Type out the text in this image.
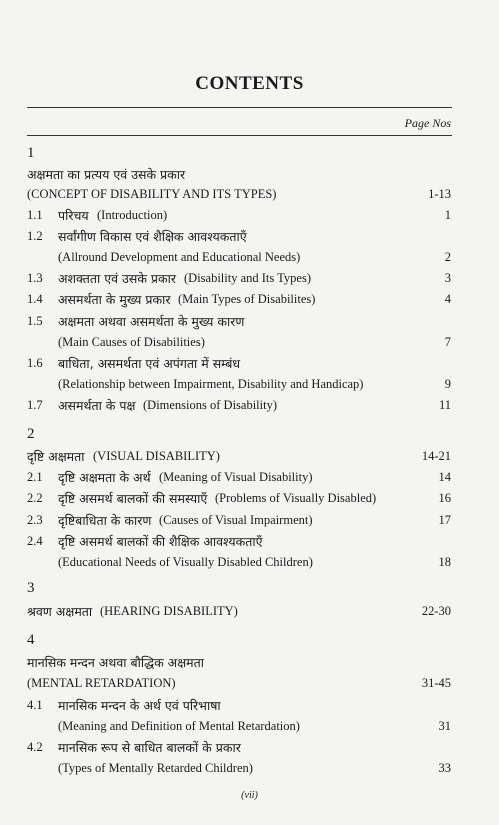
CONTENTS
Page Nos
1
अक्षमता का प्रत्यय एवं उसके प्रकार
(CONCEPT OF DISABILITY AND ITS TYPES)	1-13
1.1 परिचय (Introduction)	1
1.2 सर्वांगीण विकास एवं शैक्षिक आवश्यकताएँ
(Allround Development and Educational Needs)	2
1.3 अशक्तता एवं उसके प्रकार (Disability and Its Types)	3
1.4 असमर्थता के मुख्य प्रकार (Main Types of Disabilites)	4
1.5 अक्षमता अथवा असमर्थता के मुख्य कारण
(Main Causes of Disabilities)	7
1.6 बाधिता, असमर्थता एवं अपंगता में सम्बंध
(Relationship between Impairment, Disability and Handicap)	9
1.7 असमर्थता के पक्ष (Dimensions of Disability)	11
2
दृष्टि अक्षमता (VISUAL DISABILITY)	14-21
2.1 दृष्टि अक्षमता के अर्थ (Meaning of Visual Disability)	14
2.2 दृष्टि असमर्थ बालकों की समस्याएँ (Problems of Visually Disabled)	16
2.3 दृष्टिबाधिता के कारण (Causes of Visual Impairment)	17
2.4 दृष्टि असमर्थ बालकों की शैक्षिक आवश्यकताएँ
(Educational Needs of Visually Disabled Children)	18
3
श्रवण अक्षमता (HEARING DISABILITY)	22-30
4
मानसिक मन्दन अथवा बौद्धिक अक्षमता
(MENTAL RETARDATION)	31-45
4.1 मानसिक मन्दन के अर्थ एवं परिभाषा
(Meaning and Definition of Mental Retardation)	31
4.2 मानसिक रूप से बाधित बालकों के प्रकार
(Types of Mentally Retarded Children)	33
(vii)
